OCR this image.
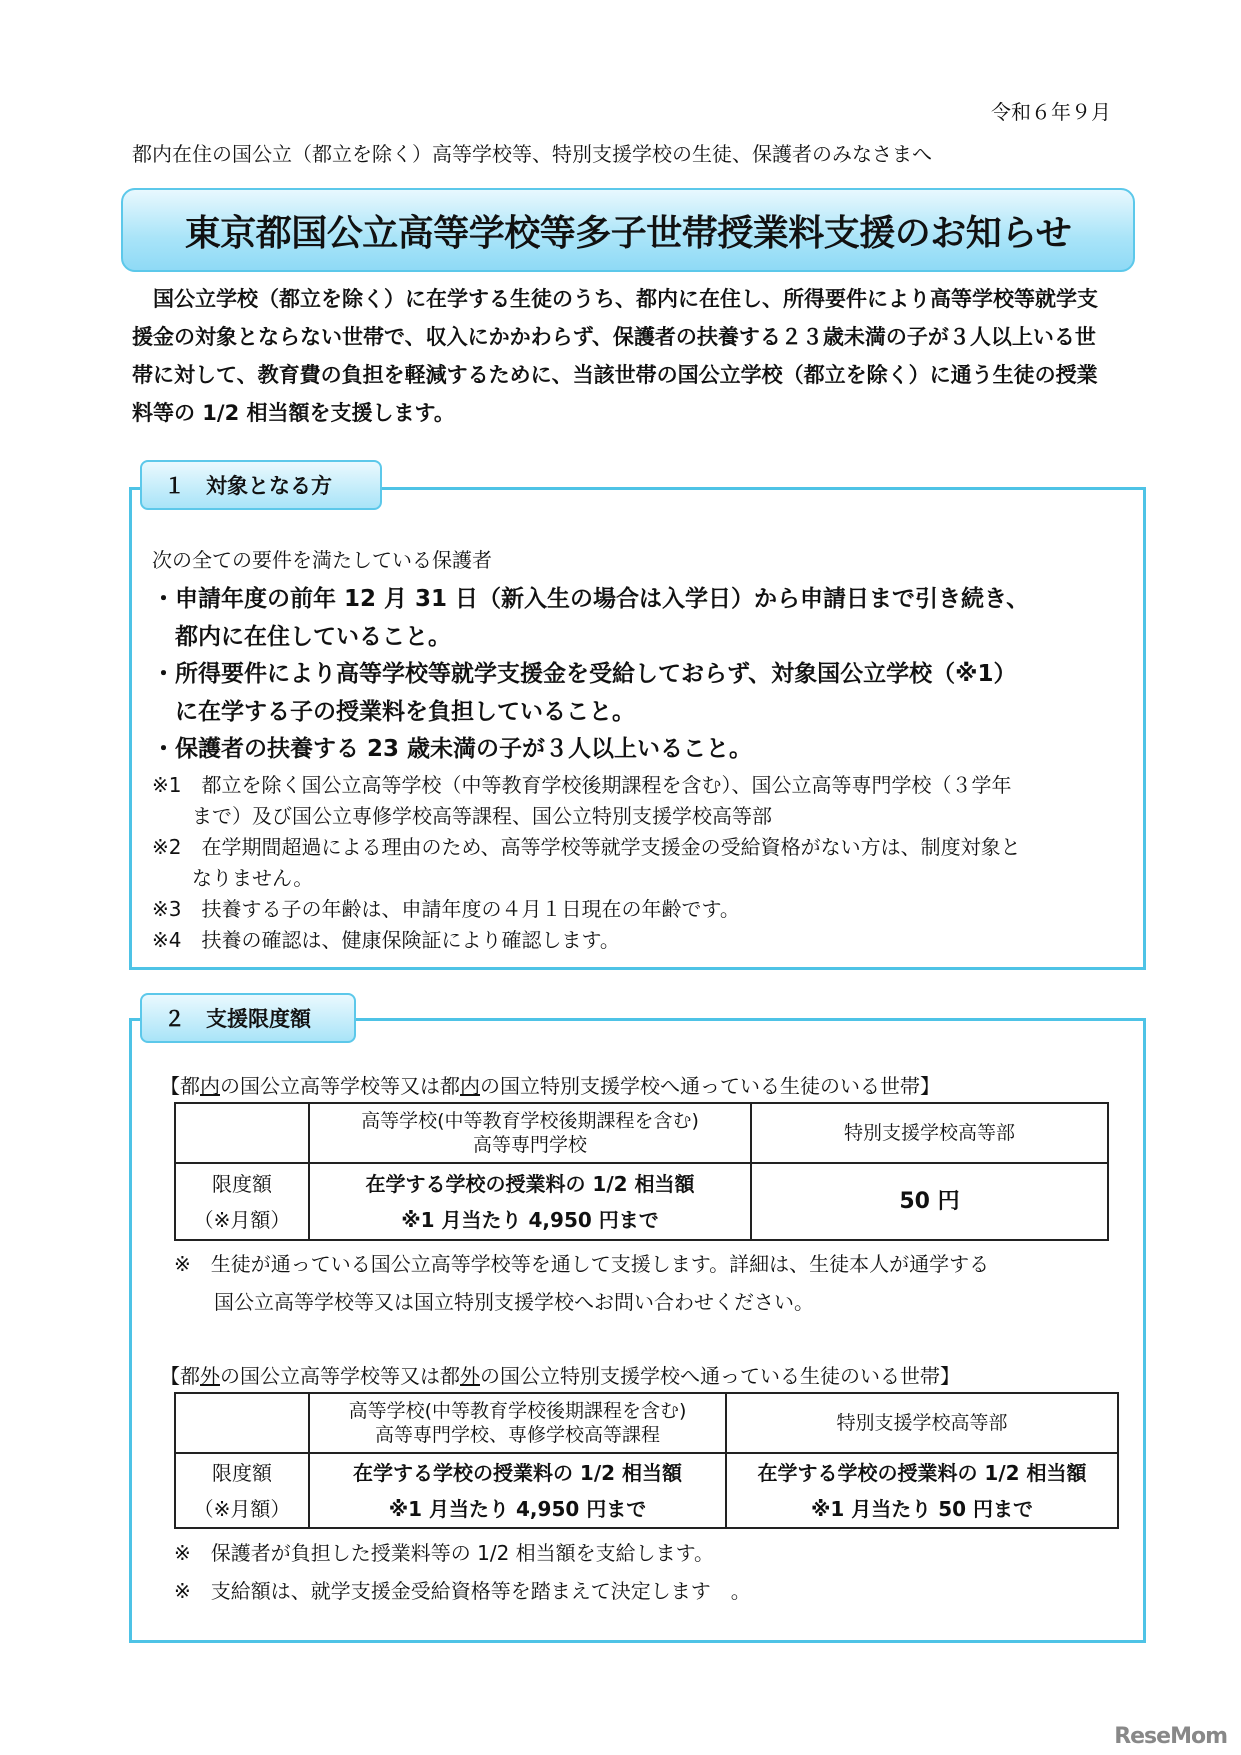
令和６年９月
都内在住の国公立（都立を除く）高等学校等、特別支援学校の生徒、保護者のみなさまへ
東京都国公立高等学校等多子世帯授業料支援のお知らせ
　国公立学校（都立を除く）に在学する生徒のうち、都内に在住し、所得要件により高等学校等就学支援金の対象とならない世帯で、収入にかかわらず、保護者の扶養する２３歳未満の子が３人以上いる世帯に対して、教育費の負担を軽減するために、当該世帯の国公立学校（都立を除く）に通う生徒の授業料等の 1/2 相当額を支援します。
１　対象となる方
次の全ての要件を満たしている保護者
・申請年度の前年 12 月 31 日（新入生の場合は入学日）から申請日まで引き続き、
　都内に在住していること。
・所得要件により高等学校等就学支援金を受給しておらず、対象国公立学校（※1）
　に在学する子の授業料を負担していること。
・保護者の扶養する 23 歳未満の子が３人以上いること。
※1　都立を除く国公立高等学校（中等教育学校後期課程を含む）、国公立高等専門学校（３学年
　　まで）及び国公立専修学校高等課程、国公立特別支援学校高等部
※2　在学期間超過による理由のため、高等学校等就学支援金の受給資格がない方は、制度対象と
　　なりません。
※3　扶養する子の年齢は、申請年度の４月１日現在の年齢です。
※4　扶養の確認は、健康保険証により確認します。
２　支援限度額
【都内の国公立高等学校等又は都内の国立特別支援学校へ通っている生徒のいる世帯】
	高等学校(中等教育学校後期課程を含む)
高等専門学校	特別支援学校高等部
限度額
（※月額）	在学する学校の授業料の 1/2 相当額
※1 月当たり 4,950 円まで	50 円
※　生徒が通っている国公立高等学校等を通して支援します。詳細は、生徒本人が通学する
　　国公立高等学校等又は国立特別支援学校へお問い合わせください。
【都外の国公立高等学校等又は都外の国公立特別支援学校へ通っている生徒のいる世帯】
	高等学校(中等教育学校後期課程を含む)
高等専門学校、専修学校高等課程	特別支援学校高等部
限度額
（※月額）	在学する学校の授業料の 1/2 相当額
※1 月当たり 4,950 円まで	在学する学校の授業料の 1/2 相当額
※1 月当たり 50 円まで
※　保護者が負担した授業料等の 1/2 相当額を支給します。
※　支給額は、就学支援金受給資格等を踏まえて決定します　。
ReseMom
